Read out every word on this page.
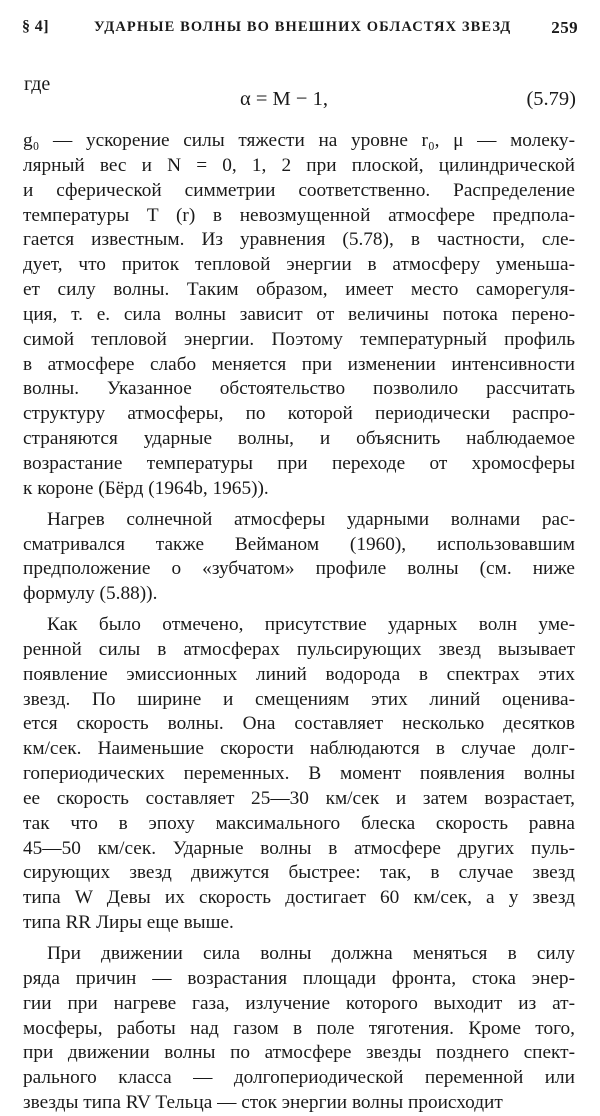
§ 4]	УДАРНЫЕ ВОЛНЫ ВО ВНЕШНИХ ОБЛАСТЯХ ЗВЕЗД 259
где
α = M − 1,	(5.79)
g₀ — ускорение силы тяжести на уровне r₀, μ — молеку-
лярный вес и N = 0, 1, 2 при плоской, цилиндрической
и сферической симметрии соответственно. Распределение
температуры T (r) в невозмущенной атмосфере предпола-
гается известным. Из уравнения (5.78), в частности, сле-
дует, что приток тепловой энергии в атмосферу уменьша-
ет силу волны. Таким образом, имеет место саморегуля-
ция, т. е. сила волны зависит от величины потока перено-
симой тепловой энергии. Поэтому температурный профиль
в атмосфере слабо меняется при изменении интенсивности
волны. Указанное обстоятельство позволило рассчитать
структуру атмосферы, по которой периодически распро-
страняются ударные волны, и объяснить наблюдаемое
возрастание температуры при переходе от хромосферы
к короне (Бёрд (1964b, 1965)).
Нагрев солнечной атмосферы ударными волнами рас-
сматривался также Вейманом (1960), использовавшим
предположение о «зубчатом» профиле волны (см. ниже
формулу (5.88)).
Как было отмечено, присутствие ударных волн уме-
ренной силы в атмосферах пульсирующих звезд вызывает
появление эмиссионных линий водорода в спектрах этих
звезд. По ширине и смещениям этих линий оценива-
ется скорость волны. Она составляет несколько десятков
км/сек. Наименьшие скорости наблюдаются в случае долг-
гопериодических переменных. В момент появления волны
ее скорость составляет 25—30 км/сек и затем возрастает,
так что в эпоху максимального блеска скорость равна
45—50 км/сек. Ударные волны в атмосфере других пуль-
сирующих звезд движутся быстрее: так, в случае звезд
типа W Девы их скорость достигает 60 км/сек, а у звезд
типа RR Лиры еще выше.
При движении сила волны должна меняться в силу
ряда причин — возрастания площади фронта, стока энер-
гии при нагреве газа, излучение которого выходит из ат-
мосферы, работы над газом в поле тяготения. Кроме того,
при движении волны по атмосфере звезды позднего спект-
рального класса — долгопериодической переменной или
звезды типа RV Тельца — сток энергии волны происходит
